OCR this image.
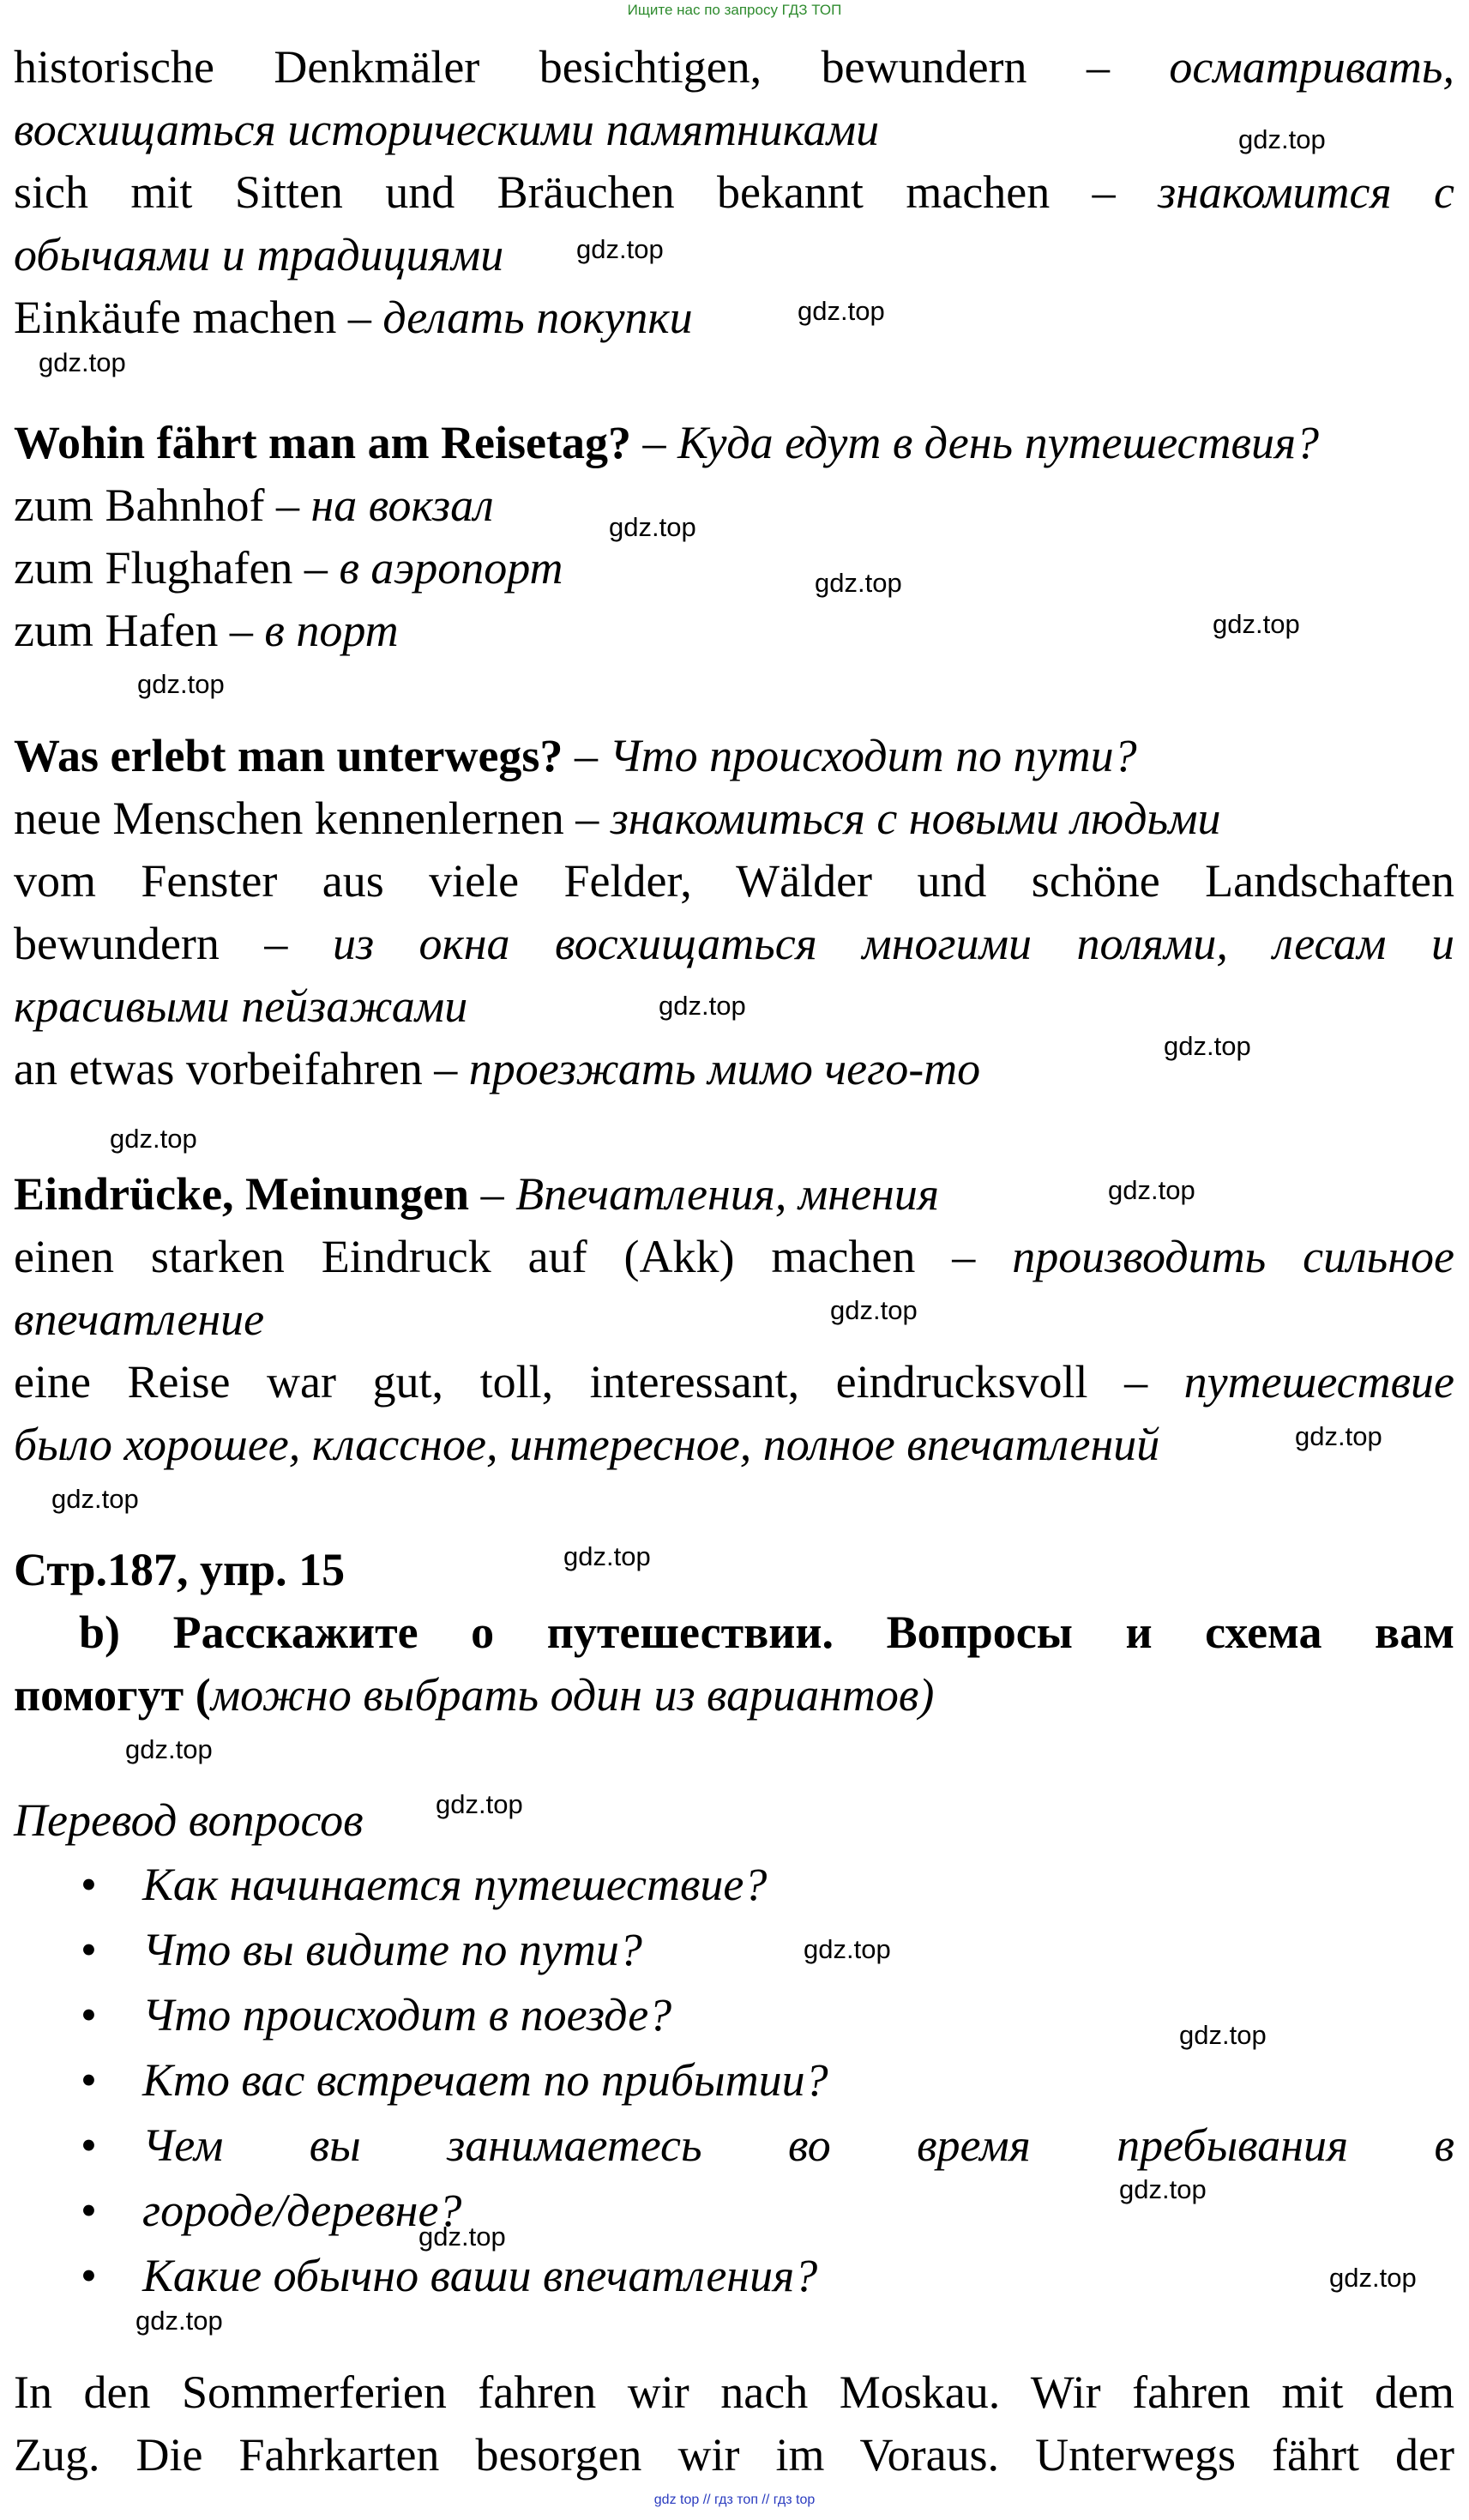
Ищите нас по запросу ГДЗ ТОП
historische Denkmäler besichtigen, bewundern – осматривать,
восхищаться историческими памятниками
sich mit Sitten und Bräuchen bekannt machen – знакомится с
обычаями и традициями
Einkäufe machen – делать покупки
Wohin fährt man am Reisetag? – Куда едут в день путешествия?
zum Bahnhof – на вокзал
zum Flughafen – в аэропорт
zum Hafen – в порт
Was erlebt man unterwegs? – Что происходит по пути?
neue Menschen kennenlernen – знакомиться с новыми людьми
vom Fenster aus viele Felder, Wälder und schöne Landschaften
bewundern – из окна восхищаться многими полями, лесам и
красивыми пейзажами
an etwas vorbeifahren – проезжать мимо чего-то
Eindrücke, Meinungen – Впечатления, мнения
einen starken Eindruck auf (Akk) machen – производить сильное
впечатление
eine Reise war gut, toll, interessant, eindrucksvoll – путешествие
было хорошее, классное, интересное, полное впечатлений
Стр.187, упр. 15
b) Расскажите о путешествии. Вопросы и схема вам
помогут (можно выбрать один из вариантов)
Перевод вопросов
• Как начинается путешествие?
• Что вы видите по пути?
• Что происходит в поезде?
• Кто вас встречает по прибытии?
• Чем вы занимаетесь во время пребывания в
• городе/деревне?
• Какие обычно ваши впечатления?
In den Sommerferien fahren wir nach Moskau. Wir fahren mit dem
Zug. Die Fahrkarten besorgen wir im Voraus. Unterwegs fährt der
gdz.top
gdz.top
gdz.top
gdz.top
gdz.top
gdz.top
gdz.top
gdz.top
gdz.top
gdz.top
gdz.top
gdz.top
gdz.top
gdz.top
gdz.top
gdz.top
gdz.top
gdz.top
gdz.top
gdz.top
gdz.top
gdz.top
gdz.top
gdz.top
gdz top // гдз топ // гдз top
